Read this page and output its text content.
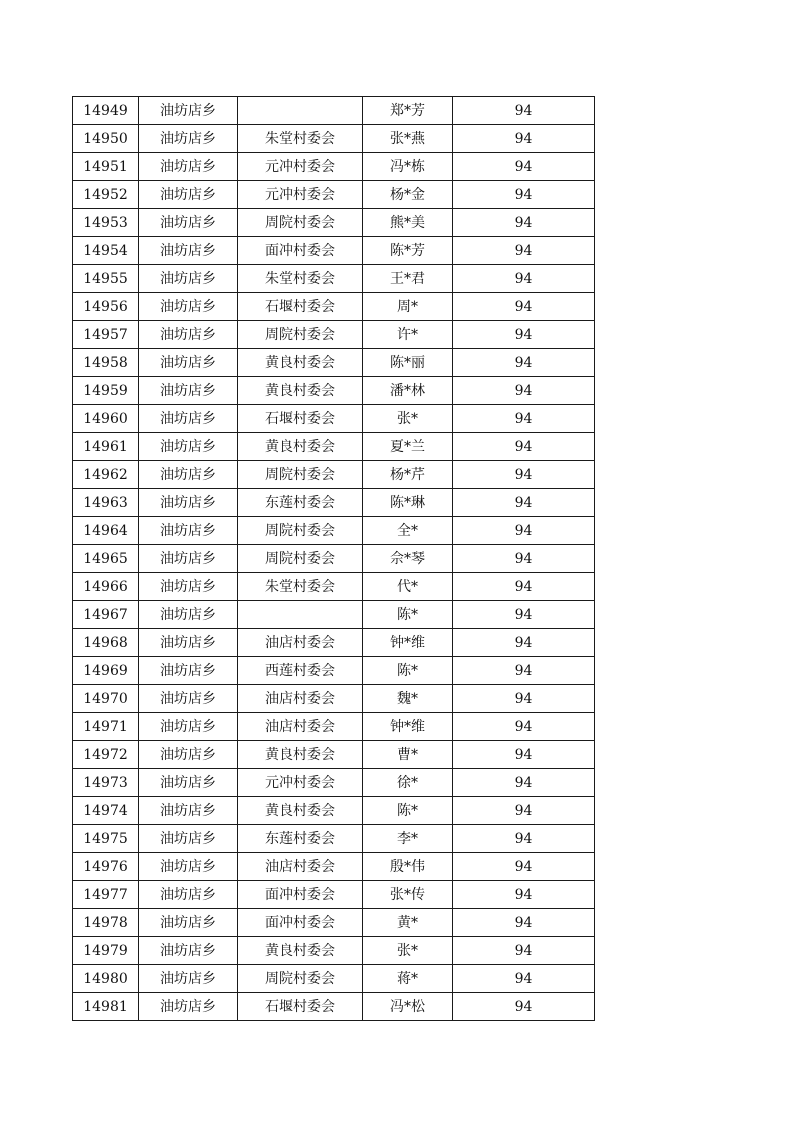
14949	油坊店乡		郑*芳	94
14950	油坊店乡	朱堂村委会	张*燕	94
14951	油坊店乡	元冲村委会	冯*栋	94
14952	油坊店乡	元冲村委会	杨*金	94
14953	油坊店乡	周院村委会	熊*美	94
14954	油坊店乡	面冲村委会	陈*芳	94
14955	油坊店乡	朱堂村委会	王*君	94
14956	油坊店乡	石堰村委会	周*	94
14957	油坊店乡	周院村委会	许*	94
14958	油坊店乡	黄良村委会	陈*丽	94
14959	油坊店乡	黄良村委会	潘*林	94
14960	油坊店乡	石堰村委会	张*	94
14961	油坊店乡	黄良村委会	夏*兰	94
14962	油坊店乡	周院村委会	杨*芹	94
14963	油坊店乡	东莲村委会	陈*琳	94
14964	油坊店乡	周院村委会	全*	94
14965	油坊店乡	周院村委会	佘*琴	94
14966	油坊店乡	朱堂村委会	代*	94
14967	油坊店乡		陈*	94
14968	油坊店乡	油店村委会	钟*维	94
14969	油坊店乡	西莲村委会	陈*	94
14970	油坊店乡	油店村委会	魏*	94
14971	油坊店乡	油店村委会	钟*维	94
14972	油坊店乡	黄良村委会	曹*	94
14973	油坊店乡	元冲村委会	徐*	94
14974	油坊店乡	黄良村委会	陈*	94
14975	油坊店乡	东莲村委会	李*	94
14976	油坊店乡	油店村委会	殷*伟	94
14977	油坊店乡	面冲村委会	张*传	94
14978	油坊店乡	面冲村委会	黄*	94
14979	油坊店乡	黄良村委会	张*	94
14980	油坊店乡	周院村委会	蒋*	94
14981	油坊店乡	石堰村委会	冯*松	94
